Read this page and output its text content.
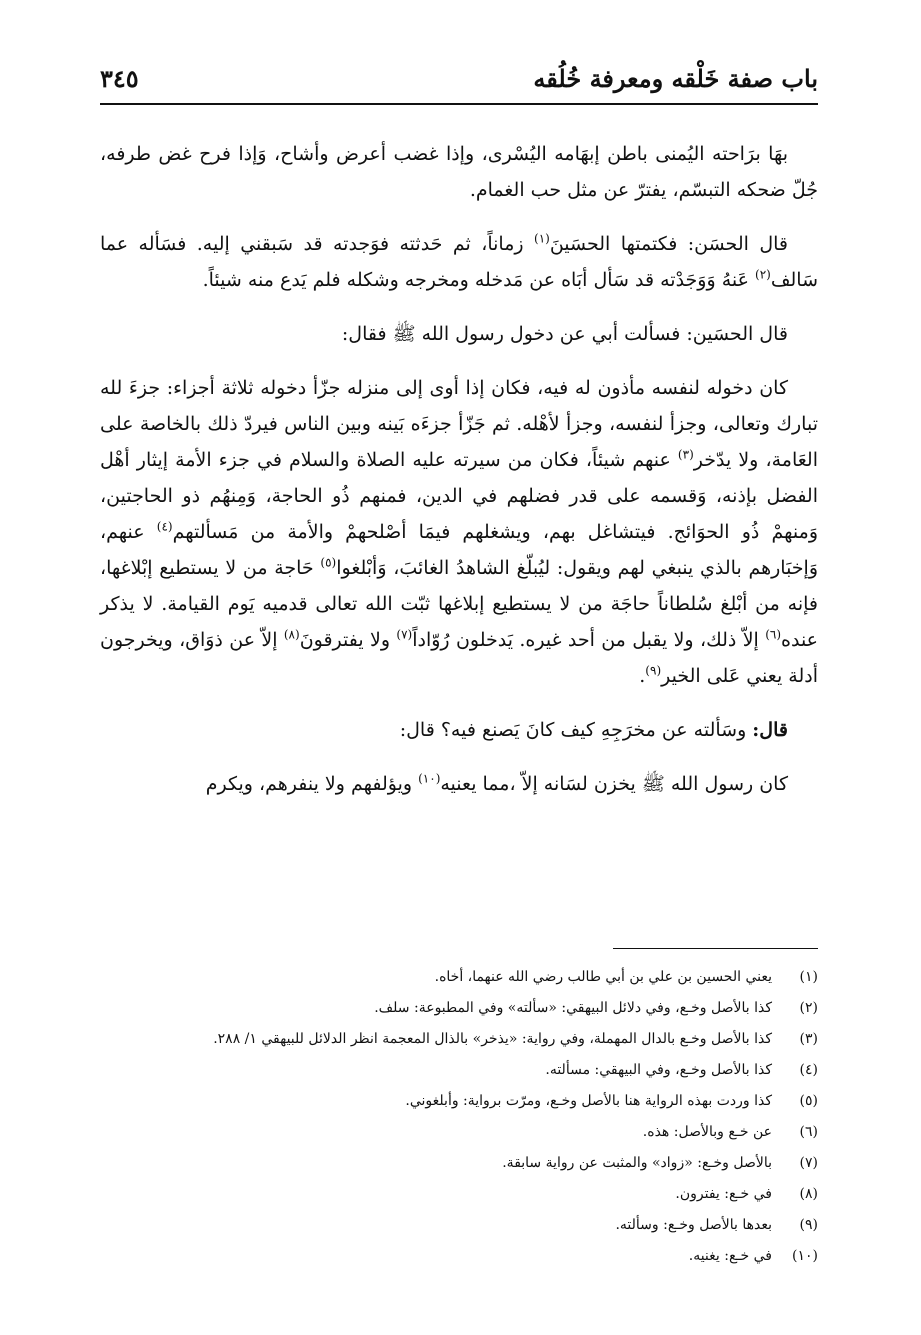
باب صفة خَلْقه ومعرفة خُلُقه
٣٤٥

بهَا برَاحته اليُمنى باطن إبهَامه اليُسْرى، وإذا غضب أعرض وأشاح، وَإذا فرح غض طرفه، جُلّ ضحكه التبسّم، يفترّ عن مثل حب الغمام.

قال الحسَن: فكتمتها الحسَينَ$^{(١)}$ زماناً، ثم حَدثته فوَجدته قد سَبقني إليه. فسَأله عما سَالف$^{(٢)}$ عَنهُ وَوَجَدْته قد سَأل أبَاه عن مَدخله ومخرجه وشكله فلم يَدع منه شيئاً.

قال الحسَين: فسألت أبي عن دخول رسول الله ﷺ فقال:

كان دخوله لنفسه مأذون له فيه، فكان إذا أوى إلى منزله جزّأ دخوله ثلاثة أجزاء: جزءَ لله تبارك وتعالى، وجزأ لنفسه، وجزأ لأهْله. ثم جَزّأ جزءَه بَينه وبين الناس فيردّ ذلك بالخاصة على العَامة، ولا يدّخر$^{(٣)}$ عنهم شيئاً، فكان من سيرته عليه الصلاة والسلام في جزء الأمة إيثار أهْل الفضل بإذنه، وَقسمه على قدر فضلهم في الدين، فمنهم ذُو الحاجة، وَمِنهُم ذو الحاجتين، وَمنهمْ ذُو الحوَائج. فيتشاغل بهم، ويشغلهم فيمَا أصْلحهمْ والأمة من مَسألتهم$^{(٤)}$ عنهم، وَإخبَارهم بالذي ينبغي لهم ويقول: ليُبلّغ الشاهدُ الغائبَ، وَأبْلغوا$^{(٥)}$ حَاجة من لا يستطيع إبْلاغها، فإنه من أبْلغ سُلطاناً حاجَة من لا يستطيع إبلاغها ثبّت الله تعالى قدميه يَوم القيامة. لا يذكر عنده$^{(٦)}$ إلاّ ذلك، ولا يقبل من أحد غيره. يَدخلون رُوّاداً$^{(٧)}$ ولا يفترقونَ$^{(٨)}$ إلاّ عن ذوَاق، ويخرجون أدلة يعني عَلى الخير$^{(٩)}$.

قال: وسَألته عن مخرَجِهِ كيف كانَ يَصنع فيه؟ قال:

كان رسول الله ﷺ يخزن لسَانه إلاّ ،مما يعنيه$^{(١٠)}$ ويؤلفهم ولا ينفرهم، ويكرم

(١)
يعني الحسين بن علي بن أبي طالب رضي الله عنهما، أخاه.
(٢)
كذا بالأصل وخـع، وفي دلائل البيهقي: «سألته» وفي المطبوعة: سلف.
(٣)
كذا بالأصل وخـع بالدال المهملة، وفي رواية: «يذخر» بالذال المعجمة انظر الدلائل للبيهقي ١/ ٢٨٨.
(٤)
كذا بالأصل وخـع، وفي البيهقي: مسألته.
(٥)
كذا وردت بهذه الرواية هنا بالأصل وخـع، ومرّت برواية: وأبلغوني.
(٦)
عن خـع وبالأصل: هذه.
(٧)
بالأصل وخـع: «زواد» والمثبت عن رواية سابقة.
(٨)
في خـع: يفترون.
(٩)
بعدها بالأصل وخـع: وسألته.
(١٠)
في خـع: يغنيه.
